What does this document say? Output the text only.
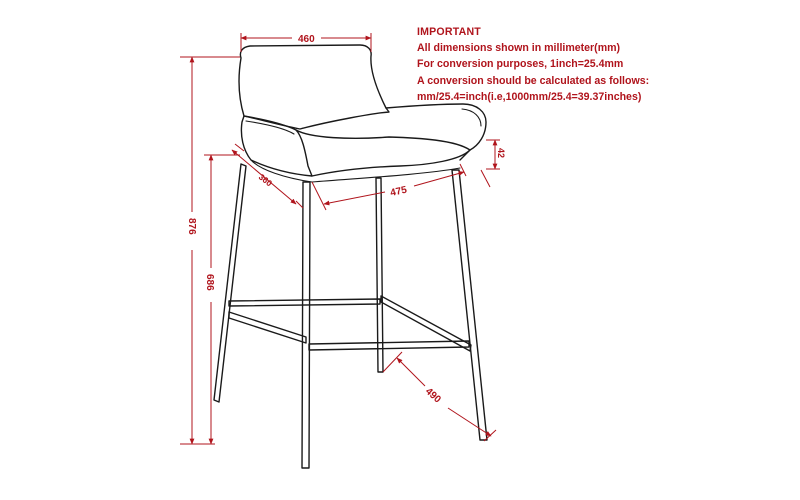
460
876
686
360
475
42
490
IMPORTANT
All dimensions shown in millimeter(mm)
For conversion purposes, 1inch=25.4mm
A conversion should be calculated as follows:
mm/25.4=inch(i.e,1000mm/25.4=39.37inches)
